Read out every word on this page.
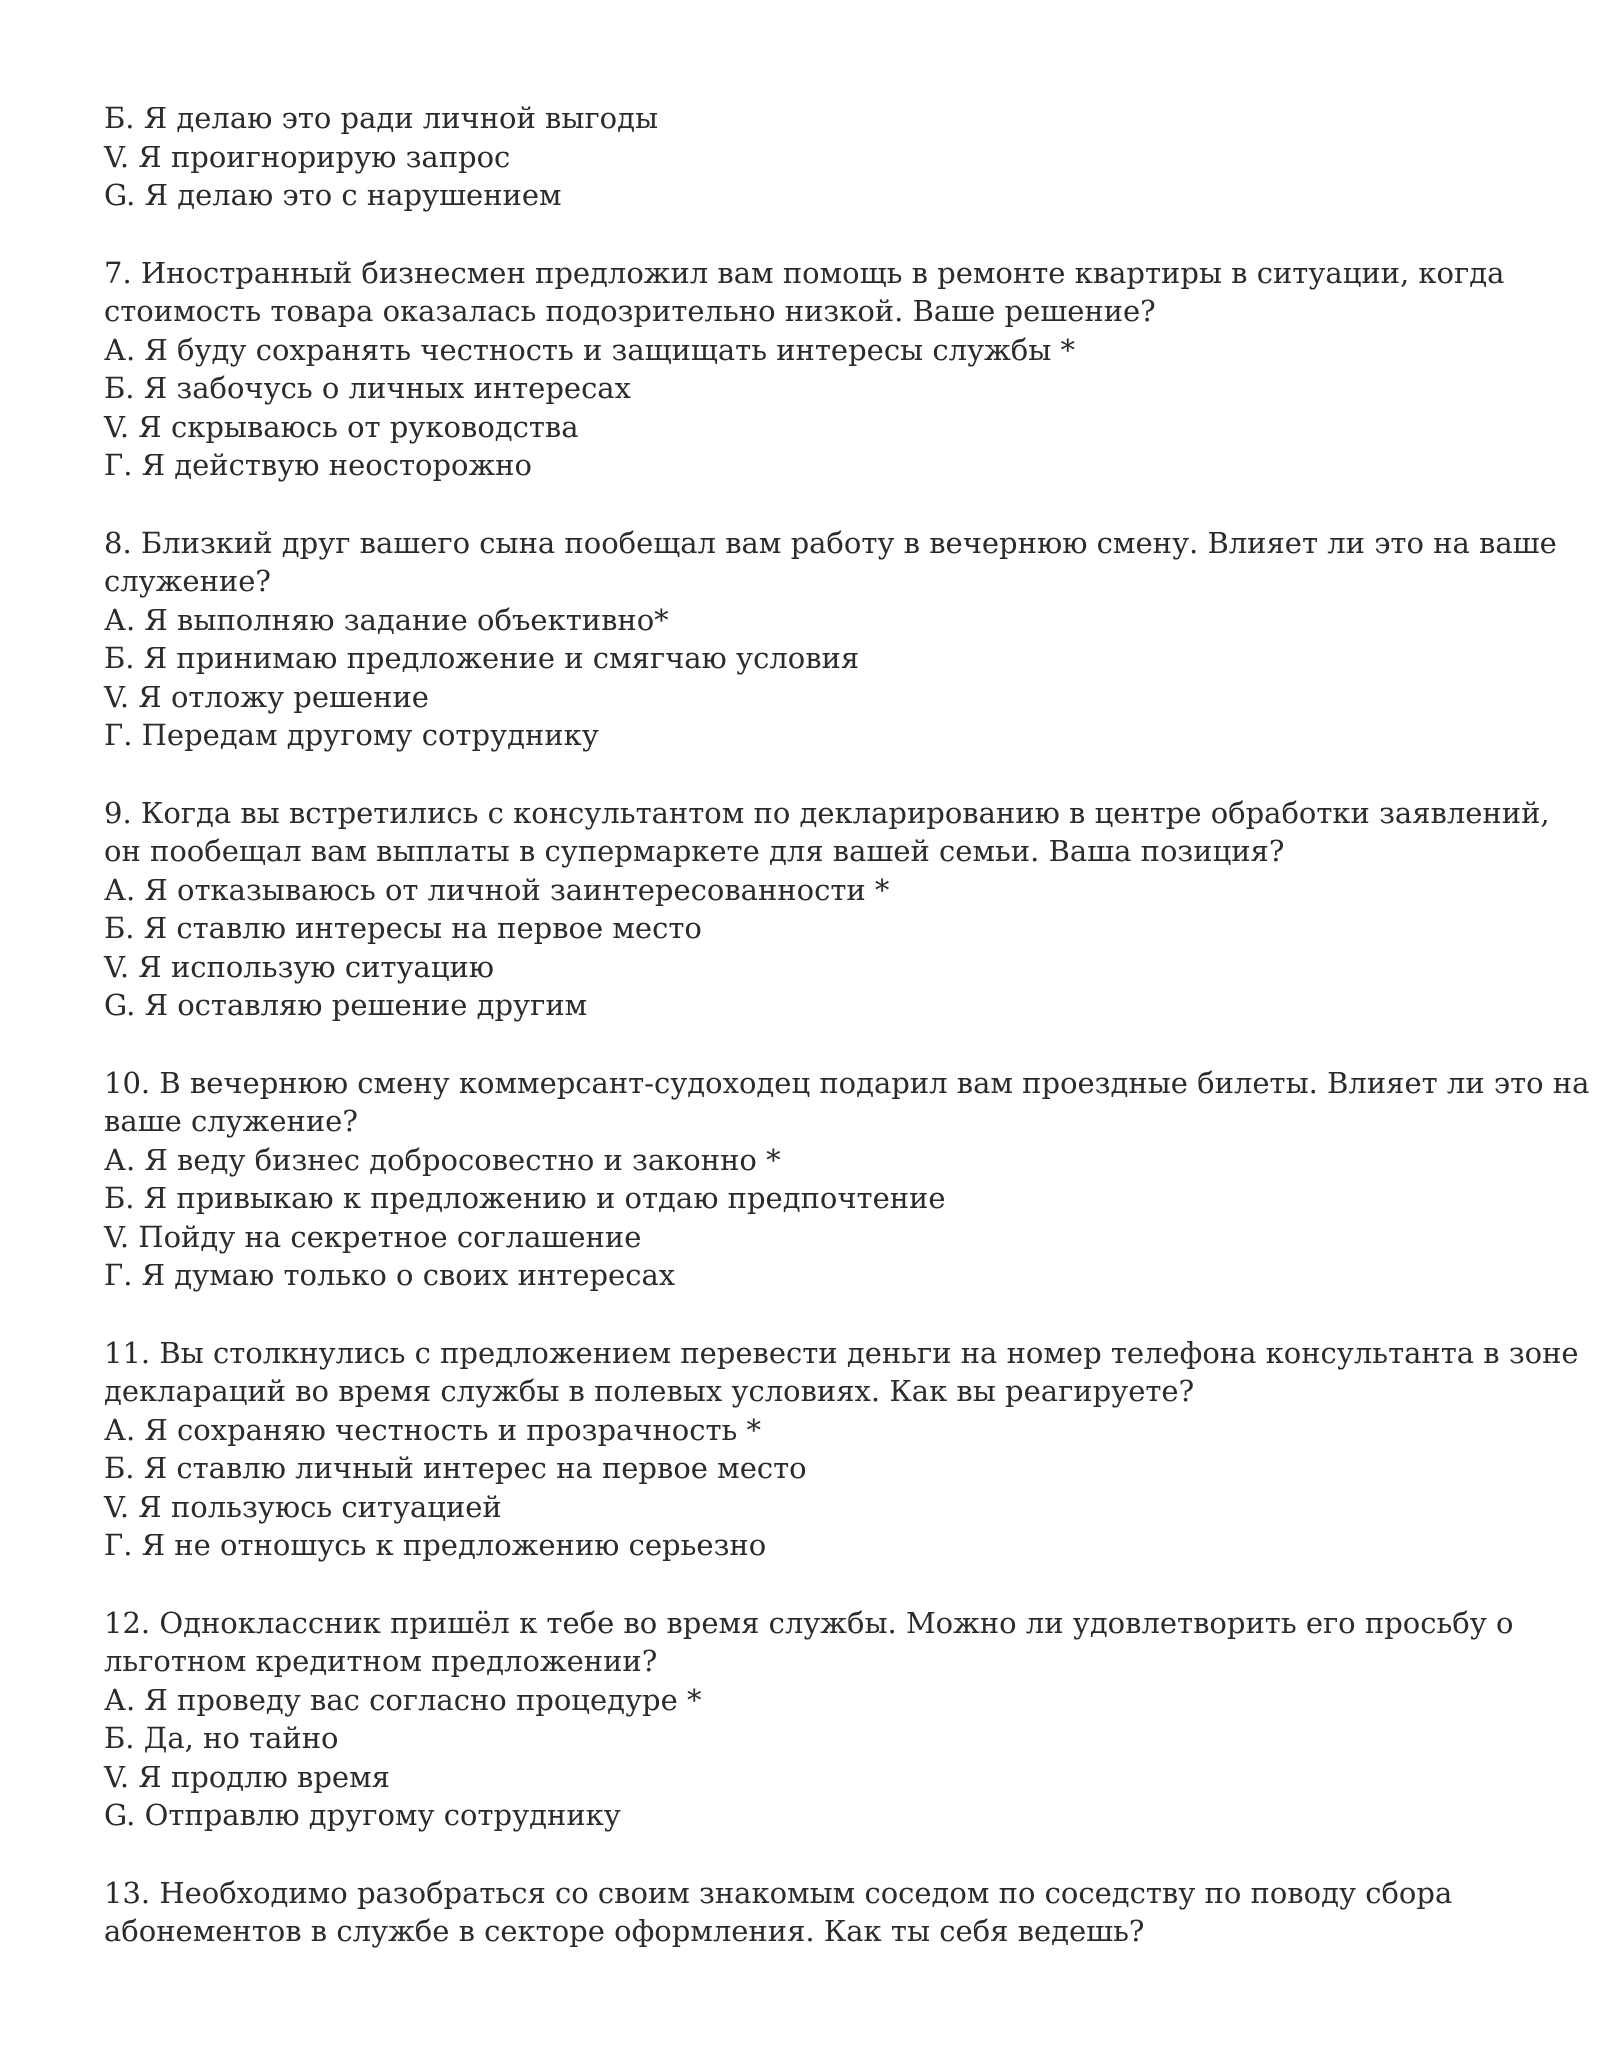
Б. Я делаю это ради личной выгоды
V. Я проигнорирую запрос
G. Я делаю это с нарушением
7. Иностранный бизнесмен предложил вам помощь в ремонте квартиры в ситуации, когда
стоимость товара оказалась подозрительно низкой. Ваше решение?
А. Я буду сохранять честность и защищать интересы службы *
Б. Я забочусь о личных интересах
V. Я скрываюсь от руководства
Г. Я действую неосторожно
8. Близкий друг вашего сына пообещал вам работу в вечернюю смену. Влияет ли это на ваше
служение?
А. Я выполняю задание объективно*
Б. Я принимаю предложение и смягчаю условия
V. Я отложу решение
Г. Передам другому сотруднику
9. Когда вы встретились с консультантом по декларированию в центре обработки заявлений,
он пообещал вам выплаты в супермаркете для вашей семьи. Ваша позиция?
А. Я отказываюсь от личной заинтересованности *
Б. Я ставлю интересы на первое место
V. Я использую ситуацию
G. Я оставляю решение другим
10. В вечернюю смену коммерсант-судоходец подарил вам проездные билеты. Влияет ли это на
ваше служение?
А. Я веду бизнес добросовестно и законно *
Б. Я привыкаю к предложению и отдаю предпочтение
V. Пойду на секретное соглашение
Г. Я думаю только о своих интересах
11. Вы столкнулись с предложением перевести деньги на номер телефона консультанта в зоне
деклараций во время службы в полевых условиях. Как вы реагируете?
А. Я сохраняю честность и прозрачность *
Б. Я ставлю личный интерес на первое место
V. Я пользуюсь ситуацией
Г. Я не отношусь к предложению серьезно
12. Одноклассник пришёл к тебе во время службы. Можно ли удовлетворить его просьбу о
льготном кредитном предложении?
А. Я проведу вас согласно процедуре *
Б. Да, но тайно
V. Я продлю время
G. Отправлю другому сотруднику
13. Необходимо разобраться со своим знакомым соседом по соседству по поводу сбора
абонементов в службе в секторе оформления. Как ты себя ведешь?
